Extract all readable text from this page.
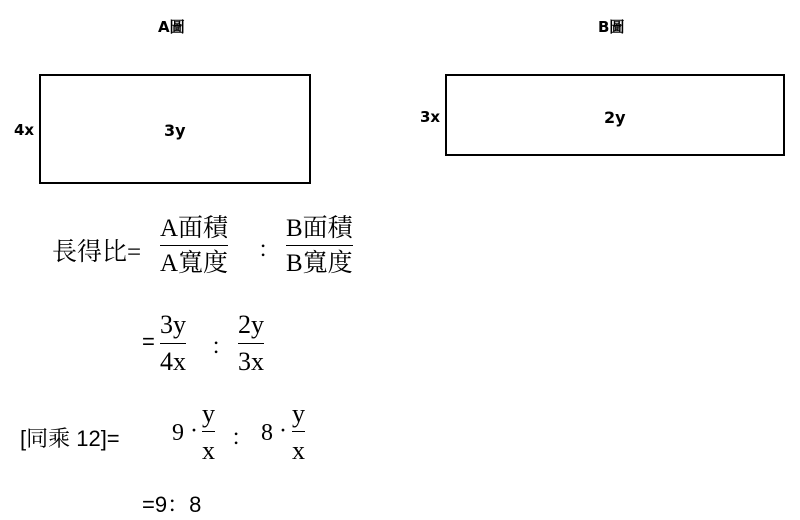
A圖
4x	3y
B圖
3x	2y
長得比=
A面積
A寬度
：
B面積
B寬度
=
3y
4x
：
2y
3x
[同乘 12]= 9 ·
y
x ： 8 ·
y
x
=9：8
